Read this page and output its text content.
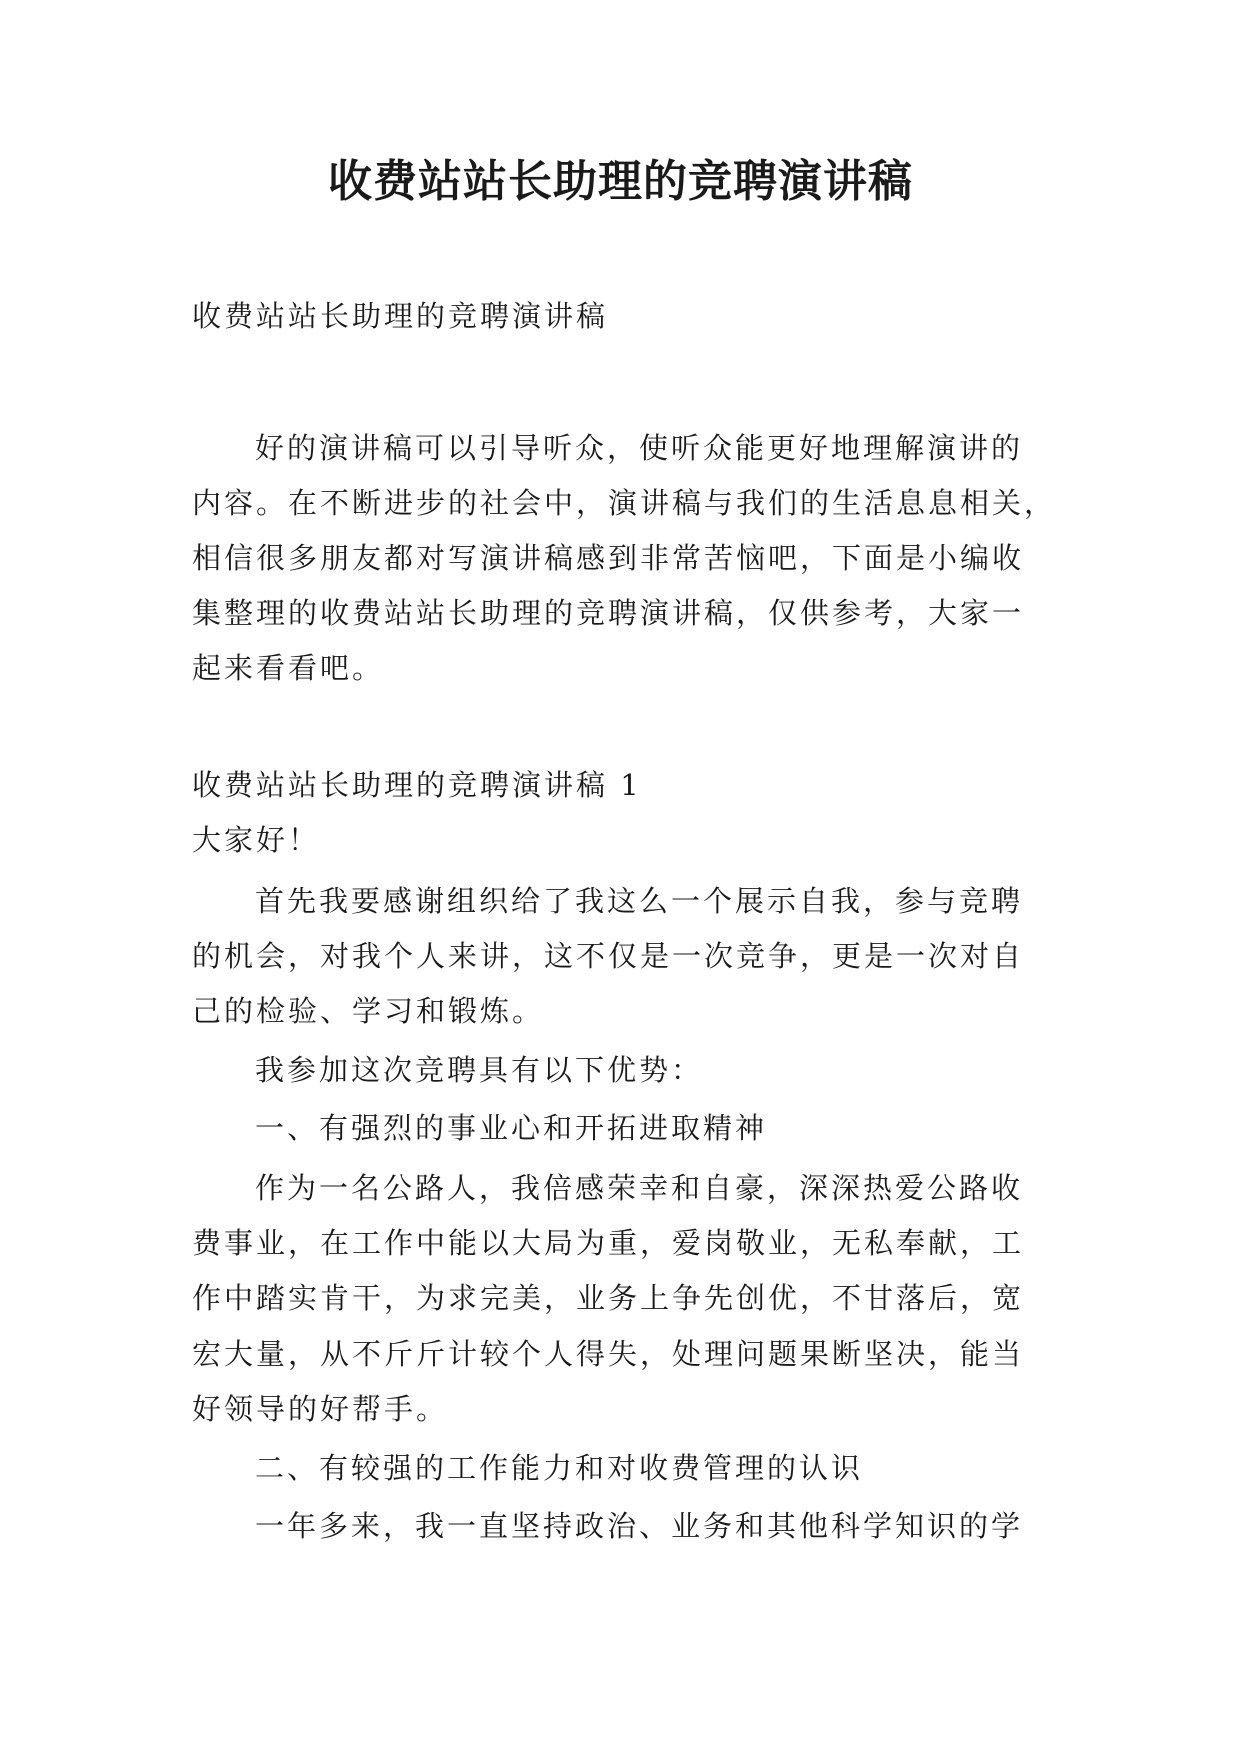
收费站站长助理的竞聘演讲稿

收费站站长助理的竞聘演讲稿

好的演讲稿可以引导听众，使听众能更好地理解演讲的

内容。在不断进步的社会中，演讲稿与我们的生活息息相关，

相信很多朋友都对写演讲稿感到非常苦恼吧，下面是小编收

集整理的收费站站长助理的竞聘演讲稿，仅供参考，大家一

起来看看吧。

收费站站长助理的竞聘演讲稿 1

大家好！

首先我要感谢组织给了我这么一个展示自我，参与竞聘

的机会，对我个人来讲，这不仅是一次竞争，更是一次对自

己的检验、学习和锻炼。

我参加这次竞聘具有以下优势：

一、有强烈的事业心和开拓进取精神

作为一名公路人，我倍感荣幸和自豪，深深热爱公路收

费事业，在工作中能以大局为重，爱岗敬业，无私奉献，工

作中踏实肯干，为求完美，业务上争先创优，不甘落后，宽

宏大量，从不斤斤计较个人得失，处理问题果断坚决，能当

好领导的好帮手。

二、有较强的工作能力和对收费管理的认识

一年多来，我一直坚持政治、业务和其他科学知识的学
